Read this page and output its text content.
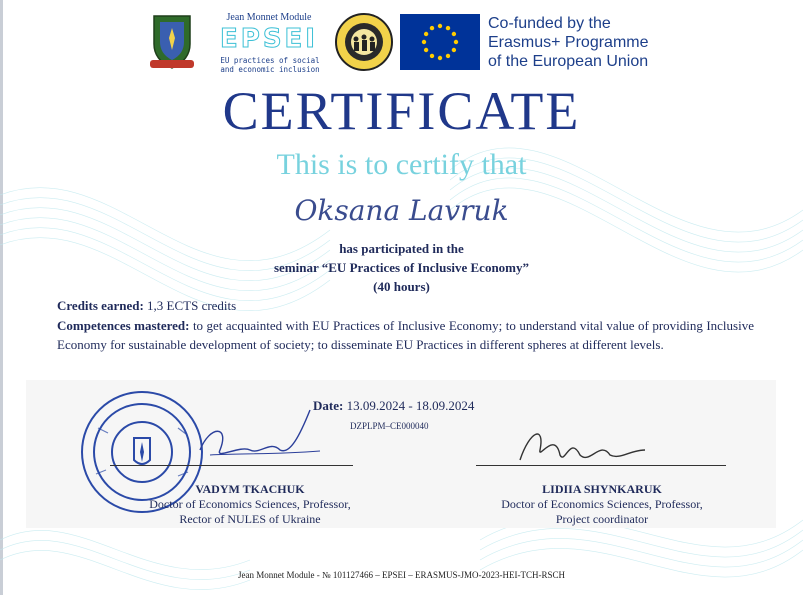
Jean Monnet Module
EPSEI
EU practices of social
and economic inclusion
Co-funded by the
Erasmus+ Programme
of the European Union
CERTIFICATE
This is to certify that
Oksana Lavruk
has participated in the
seminar “EU Practices of Inclusive Economy”
(40 hours)
Credits earned: 1,3 ECTS credits
Competences mastered: to get acquainted with EU Practices of Inclusive Economy; to understand vital value of providing Inclusive Economy for sustainable development of society; to disseminate EU Practices in different spheres at different levels.
Date: 13.09.2024 - 18.09.2024
DZPLPM–CE000040
VADYM TKACHUK
Doctor of Economics Sciences, Professor,
Rector of NULES of Ukraine
LIDIIA SHYNKARUK
Doctor of Economics Sciences, Professor,
Project coordinator
Jean Monnet Module - № 101127466 – EPSEI – ERASMUS-JMO-2023-HEI-TCH-RSCH
